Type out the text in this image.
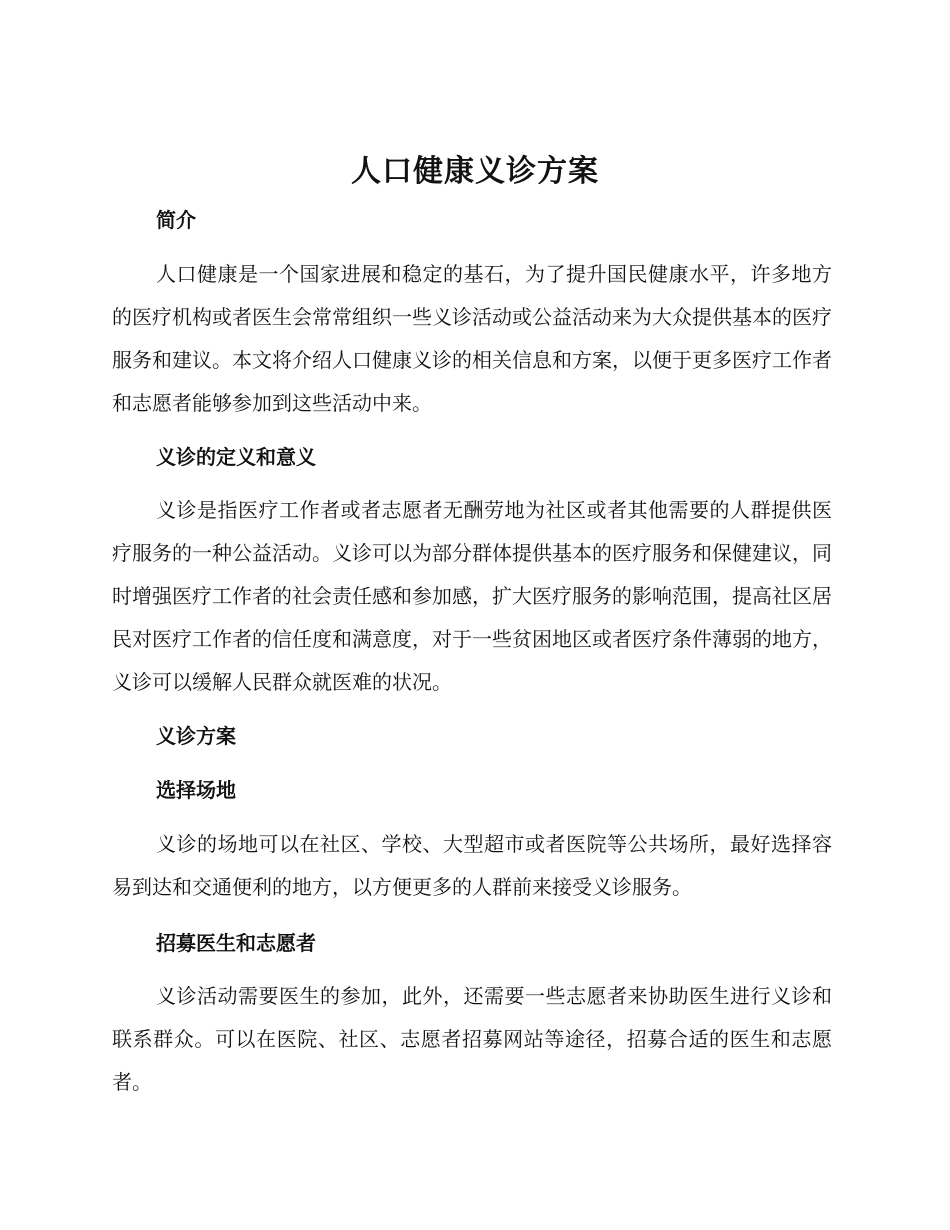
人口健康义诊方案
简介

人口健康是一个国家进展和稳定的基石，为了提升国民健康水平，许多地方的医疗机构或者医生会常常组织一些义诊活动或公益活动来为大众提供基本的医疗服务和建议。本文将介绍人口健康义诊的相关信息和方案，以便于更多医疗工作者和志愿者能够参加到这些活动中来。

义诊的定义和意义

义诊是指医疗工作者或者志愿者无酬劳地为社区或者其他需要的人群提供医疗服务的一种公益活动。义诊可以为部分群体提供基本的医疗服务和保健建议，同时增强医疗工作者的社会责任感和参加感，扩大医疗服务的影响范围，提高社区居民对医疗工作者的信任度和满意度，对于一些贫困地区或者医疗条件薄弱的地方，义诊可以缓解人民群众就医难的状况。

义诊方案
选择场地

义诊的场地可以在社区、学校、大型超市或者医院等公共场所，最好选择容易到达和交通便利的地方，以方便更多的人群前来接受义诊服务。

招募医生和志愿者

义诊活动需要医生的参加，此外，还需要一些志愿者来协助医生进行义诊和联系群众。可以在医院、社区、志愿者招募网站等途径，招募合适的医生和志愿者。
